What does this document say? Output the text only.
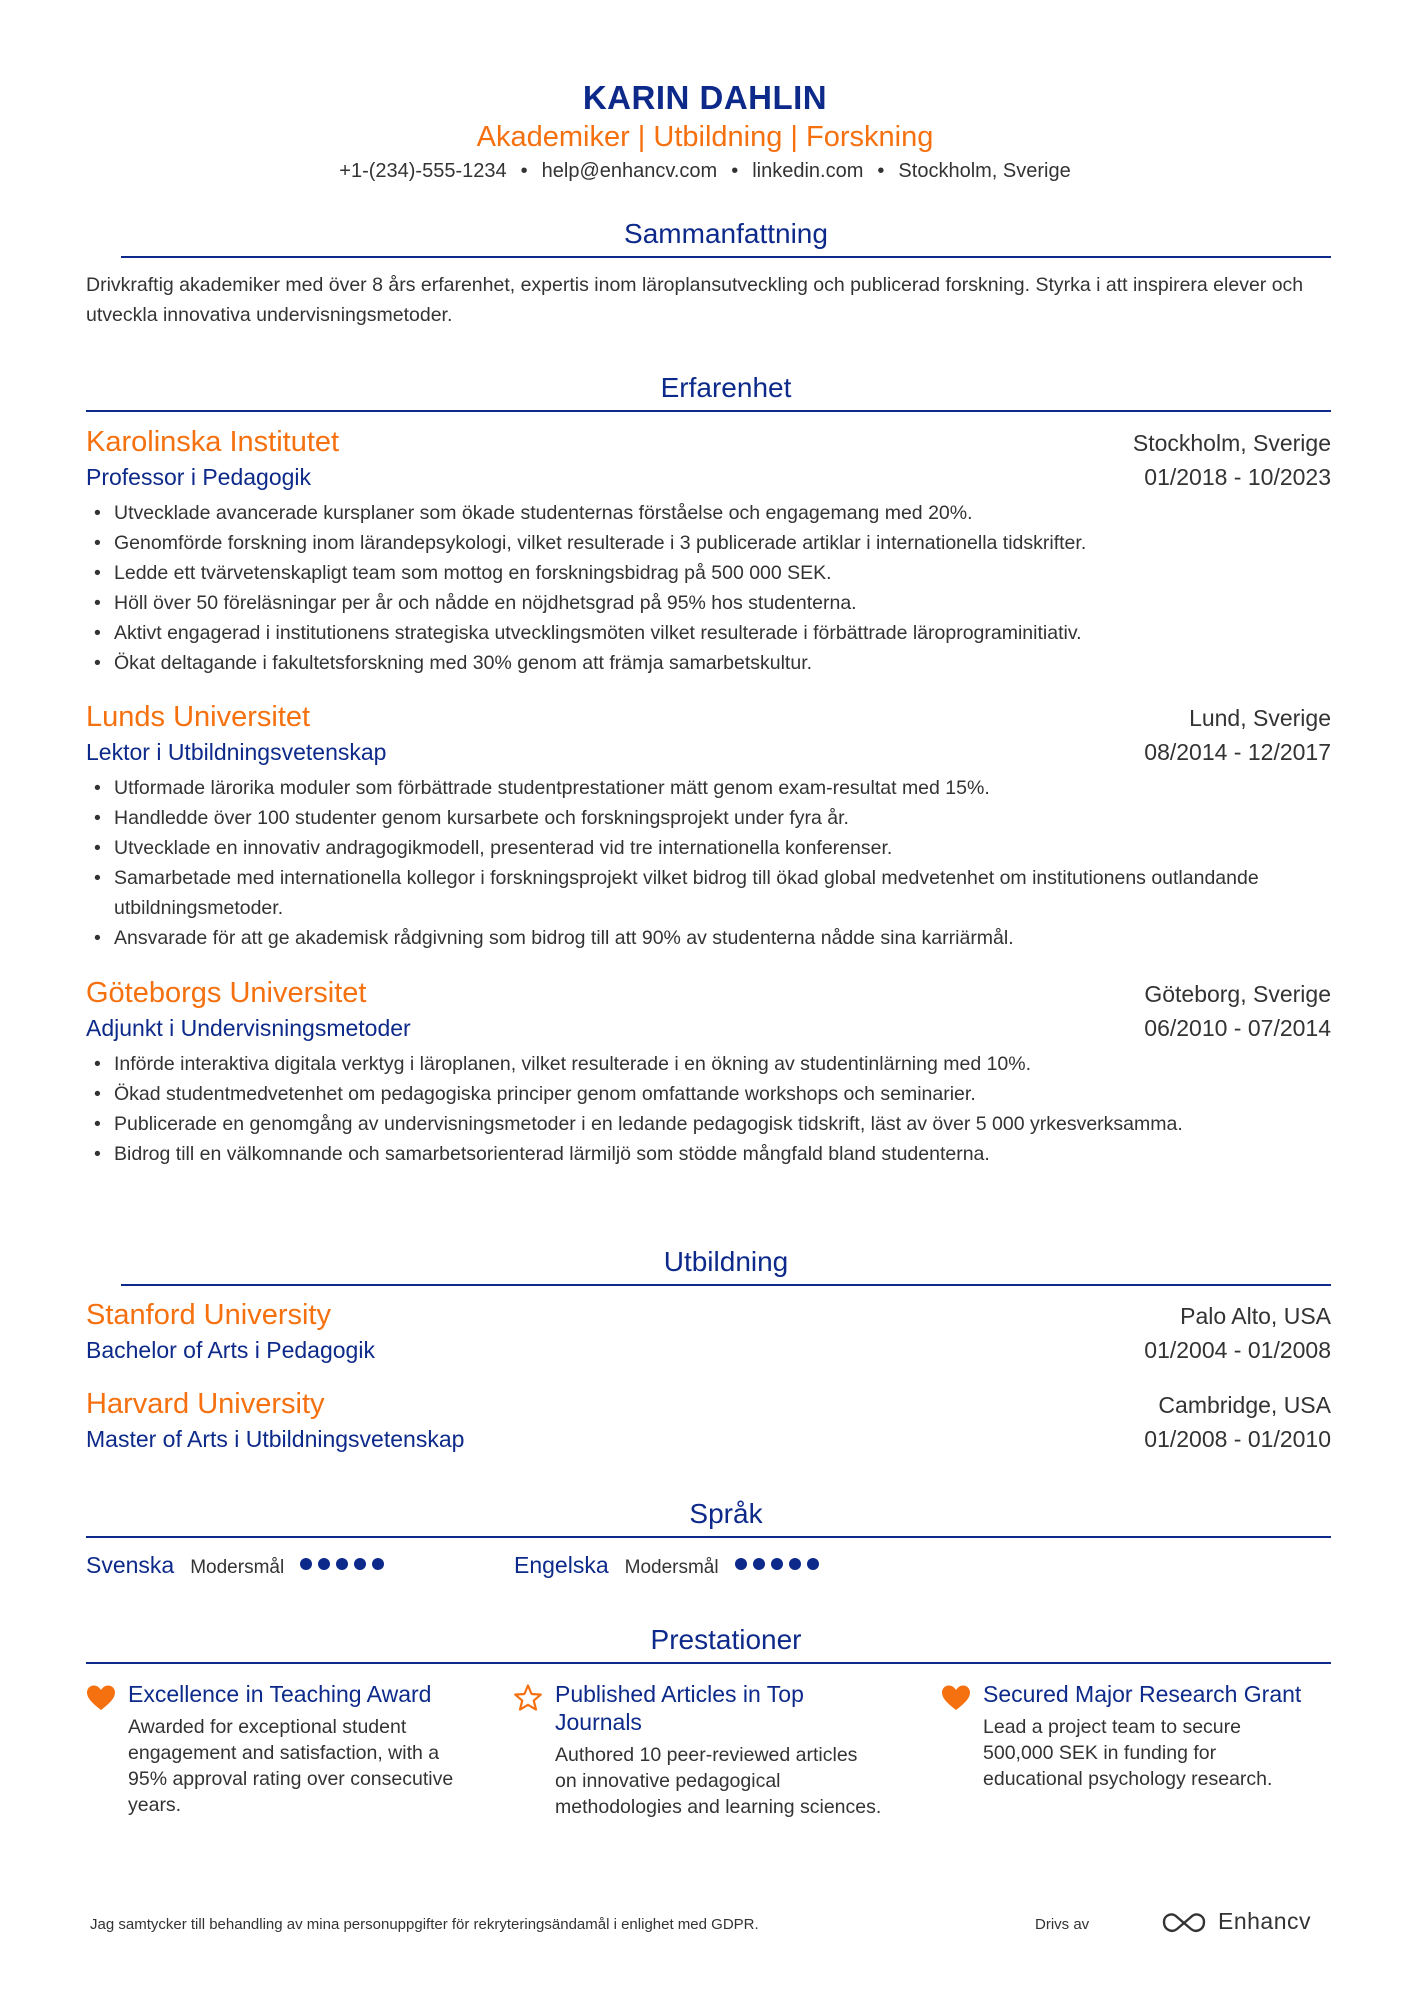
KARIN DAHLIN
Akademiker | Utbildning | Forskning
+1-(234)-555-1234 • help@enhancv.com • linkedin.com • Stockholm, Sverige
Sammanfattning
Drivkraftig akademiker med över 8 års erfarenhet, expertis inom läroplansutveckling och publicerad forskning. Styrka i att inspirera elever och utveckla innovativa undervisningsmetoder.
Erfarenhet
Karolinska Institutet	Stockholm, Sverige
Professor i Pedagogik	01/2018 - 10/2023
• Utvecklade avancerade kursplaner som ökade studenternas förståelse och engagemang med 20%.
• Genomförde forskning inom lärandepsykologi, vilket resulterade i 3 publicerade artiklar i internationella tidskrifter.
• Ledde ett tvärvetenskapligt team som mottog en forskningsbidrag på 500 000 SEK.
• Höll över 50 föreläsningar per år och nådde en nöjdhetsgrad på 95% hos studenterna.
• Aktivt engagerad i institutionens strategiska utvecklingsmöten vilket resulterade i förbättrade läroprograminitiativ.
• Ökat deltagande i fakultetsforskning med 30% genom att främja samarbetskultur.
Lunds Universitet	Lund, Sverige
Lektor i Utbildningsvetenskap	08/2014 - 12/2017
• Utformade lärorika moduler som förbättrade studentprestationer mätt genom exam-resultat med 15%.
• Handledde över 100 studenter genom kursarbete och forskningsprojekt under fyra år.
• Utvecklade en innovativ andragogikmodell, presenterad vid tre internationella konferenser.
• Samarbetade med internationella kollegor i forskningsprojekt vilket bidrog till ökad global medvetenhet om institutionens outlandande utbildningsmetoder.
• Ansvarade för att ge akademisk rådgivning som bidrog till att 90% av studenterna nådde sina karriärmål.
Göteborgs Universitet	Göteborg, Sverige
Adjunkt i Undervisningsmetoder	06/2010 - 07/2014
• Införde interaktiva digitala verktyg i läroplanen, vilket resulterade i en ökning av studentinlärning med 10%.
• Ökad studentmedvetenhet om pedagogiska principer genom omfattande workshops och seminarier.
• Publicerade en genomgång av undervisningsmetoder i en ledande pedagogisk tidskrift, läst av över 5 000 yrkesverksamma.
• Bidrog till en välkomnande och samarbetsorienterad lärmiljö som stödde mångfald bland studenterna.
Utbildning
Stanford University	Palo Alto, USA
Bachelor of Arts i Pedagogik	01/2004 - 01/2008
Harvard University	Cambridge, USA
Master of Arts i Utbildningsvetenskap	01/2008 - 01/2010
Språk
Svenska Modersmål	Engelska Modersmål
Prestationer
Excellence in Teaching Award
Awarded for exceptional student engagement and satisfaction, with a 95% approval rating over consecutive years.
Published Articles in Top Journals
Authored 10 peer-reviewed articles on innovative pedagogical methodologies and learning sciences.
Secured Major Research Grant
Lead a project team to secure 500,000 SEK in funding for educational psychology research.
Jag samtycker till behandling av mina personuppgifter för rekryteringsändamål i enlighet med GDPR.	Drivs av	Enhancv
